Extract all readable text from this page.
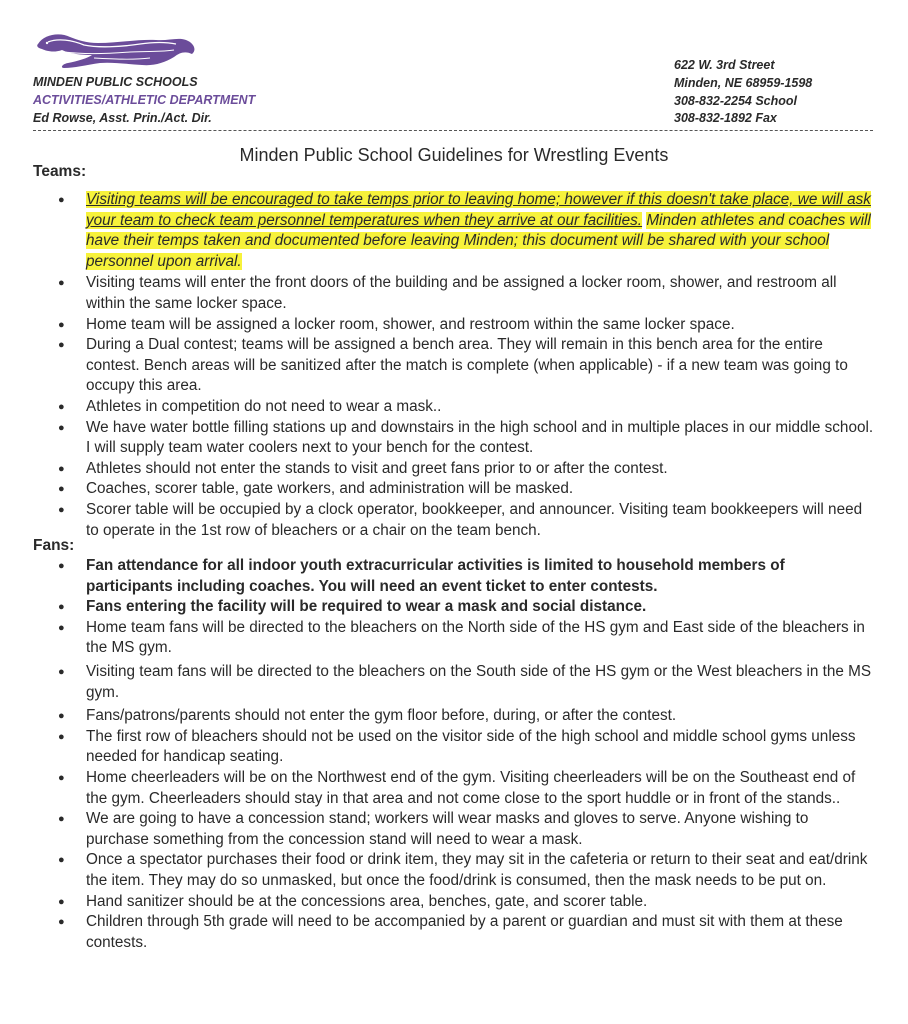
MINDEN PUBLIC SCHOOLS
ACTIVITIES/ATHLETIC DEPARTMENT
Ed Rowse, Asst. Prin./Act. Dir.
622 W. 3rd Street
Minden, NE 68959-1598
308-832-2254 School
308-832-1892 Fax
Minden Public School Guidelines for Wrestling Events
Teams:
● Visiting teams will be encouraged to take temps prior to leaving home; however if this doesn't take place, we will ask your team to check team personnel temperatures when they arrive at our facilities. Minden athletes and coaches will have their temps taken and documented before leaving Minden; this document will be shared with your school personnel upon arrival.
● Visiting teams will enter the front doors of the building and be assigned a locker room, shower, and restroom all within the same locker space.
● Home team will be assigned a locker room, shower, and restroom within the same locker space.
● During a Dual contest; teams will be assigned a bench area. They will remain in this bench area for the entire contest. Bench areas will be sanitized after the match is complete (when applicable) - if a new team was going to occupy this area.
● Athletes in competition do not need to wear a mask..
● We have water bottle filling stations up and downstairs in the high school and in multiple places in our middle school. I will supply team water coolers next to your bench for the contest.
● Athletes should not enter the stands to visit and greet fans prior to or after the contest.
● Coaches, scorer table, gate workers, and administration will be masked.
● Scorer table will be occupied by a clock operator, bookkeeper, and announcer. Visiting team bookkeepers will need to operate in the 1st row of bleachers or a chair on the team bench.
Fans:
● Fan attendance for all indoor youth extracurricular activities is limited to household members of participants including coaches. You will need an event ticket to enter contests.
● Fans entering the facility will be required to wear a mask and social distance.
● Home team fans will be directed to the bleachers on the North side of the HS gym and East side of the bleachers in the MS gym.
● Visiting team fans will be directed to the bleachers on the South side of the HS gym or the West bleachers in the MS gym.
● Fans/patrons/parents should not enter the gym floor before, during, or after the contest.
● The first row of bleachers should not be used on the visitor side of the high school and middle school gyms unless needed for handicap seating.
● Home cheerleaders will be on the Northwest end of the gym. Visiting cheerleaders will be on the Southeast end of the gym. Cheerleaders should stay in that area and not come close to the sport huddle or in front of the stands..
● We are going to have a concession stand; workers will wear masks and gloves to serve. Anyone wishing to purchase something from the concession stand will need to wear a mask.
● Once a spectator purchases their food or drink item, they may sit in the cafeteria or return to their seat and eat/drink the item. They may do so unmasked, but once the food/drink is consumed, then the mask needs to be put on.
● Hand sanitizer should be at the concessions area, benches, gate, and scorer table.
● Children through 5th grade will need to be accompanied by a parent or guardian and must sit with them at these contests.
